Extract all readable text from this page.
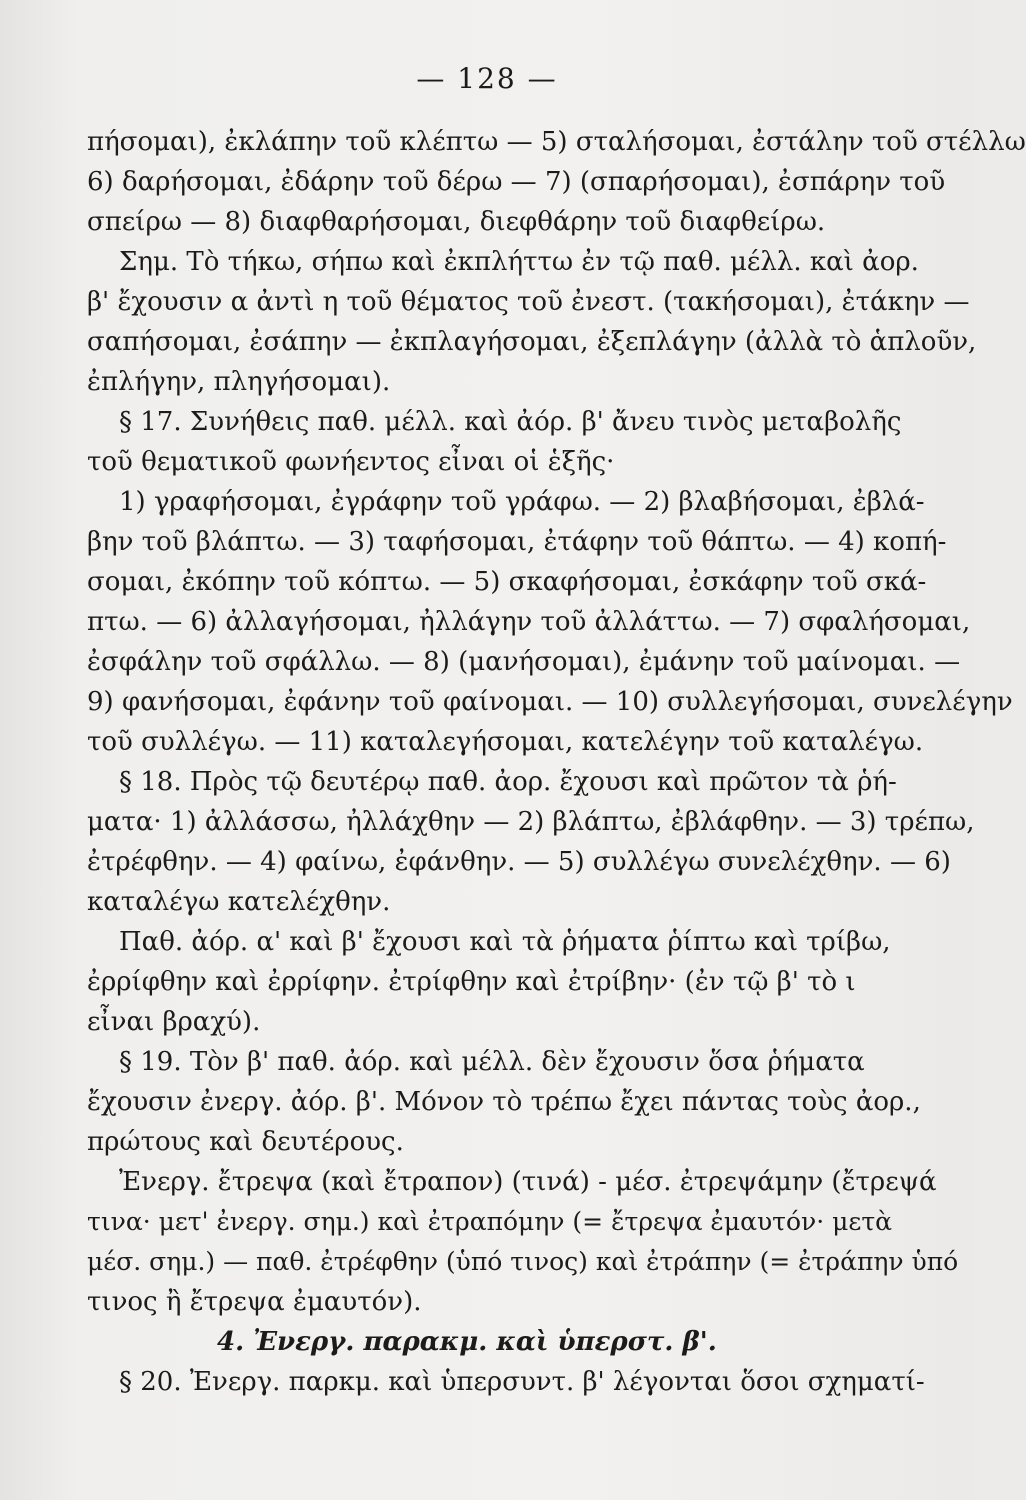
— 128 —
πήσομαι), ἐκλάπην τοῦ κλέπτω — 5) σταλήσομαι, ἐστάλην τοῦ στέλλω
6) δαρήσομαι, ἐδάρην τοῦ δέρω — 7) (σπαρήσομαι), ἐσπάρην τοῦ
σπείρω — 8) διαφθαρήσομαι, διεφθάρην τοῦ διαφθείρω.
Σημ. Τὸ τήκω, σήπω καὶ ἐκπλήττω ἐν τῷ παθ. μέλλ. καὶ ἀορ.
β' ἔχουσιν α ἀντὶ η τοῦ θέματος τοῦ ἐνεστ. (τακήσομαι), ἐτάκην —
σαπήσομαι, ἐσάπην — ἐκπλαγήσομαι, ἐξεπλάγην (ἀλλὰ τὸ ἁπλοῦν,
ἐπλήγην, πληγήσομαι).
§ 17. Συνήθεις παθ. μέλλ. καὶ ἀόρ. β' ἄνευ τινὸς μεταβολῆς
τοῦ θεματικοῦ φωνήεντος εἶναι οἱ ἑξῆς·
1) γραφήσομαι, ἐγράφην τοῦ γράφω. — 2) βλαβήσομαι, ἐβλά-
βην τοῦ βλάπτω. — 3) ταφήσομαι, ἐτάφην τοῦ θάπτω. — 4) κοπή-
σομαι, ἐκόπην τοῦ κόπτω. — 5) σκαφήσομαι, ἐσκάφην τοῦ σκά-
πτω. — 6) ἀλλαγήσομαι, ἠλλάγην τοῦ ἀλλάττω. — 7) σφαλήσομαι,
ἐσφάλην τοῦ σφάλλω. — 8) (μανήσομαι), ἐμάνην τοῦ μαίνομαι. —
9) φανήσομαι, ἐφάνην τοῦ φαίνομαι. — 10) συλλεγήσομαι, συνελέγην
τοῦ συλλέγω. — 11) καταλεγήσομαι, κατελέγην τοῦ καταλέγω.
§ 18. Πρὸς τῷ δευτέρῳ παθ. ἀορ. ἔχουσι καὶ πρῶτον τὰ ῥή-
ματα· 1) ἀλλάσσω, ἠλλάχθην — 2) βλάπτω, ἐβλάφθην. — 3) τρέπω,
ἐτρέφθην. — 4) φαίνω, ἐφάνθην. — 5) συλλέγω συνελέχθην. — 6)
καταλέγω κατελέχθην.
Παθ. ἀόρ. α' καὶ β' ἔχουσι καὶ τὰ ῥήματα ῥίπτω καὶ τρίβω,
ἐρρίφθην καὶ ἐρρίφην. ἐτρίφθην καὶ ἐτρίβην· (ἐν τῷ β' τὸ ι
εἶναι βραχύ).
§ 19. Τὸν β' παθ. ἀόρ. καὶ μέλλ. δὲν ἔχουσιν ὅσα ῥήματα
ἔχουσιν ἐνεργ. ἀόρ. β'. Μόνον τὸ τρέπω ἔχει πάντας τοὺς ἀορ.,
πρώτους καὶ δευτέρους.
Ἐνεργ. ἔτρεψα (καὶ ἔτραπον) (τινά) - μέσ. ἐτρεψάμην (ἔτρεψά
τινα· μετ' ἐνεργ. σημ.) καὶ ἐτραπόμην (= ἔτρεψα ἐμαυτόν· μετὰ
μέσ. σημ.) — παθ. ἐτρέφθην (ὑπό τινος) καὶ ἐτράπην (= ἐτράπην ὑπό
τινος ἢ ἔτρεψα ἐμαυτόν).
4. Ἐνεργ. παρακμ. καὶ ὑπερστ. β'.
§ 20. Ἐνεργ. παρκμ. καὶ ὑπερσυντ. β' λέγονται ὅσοι σχηματί-
